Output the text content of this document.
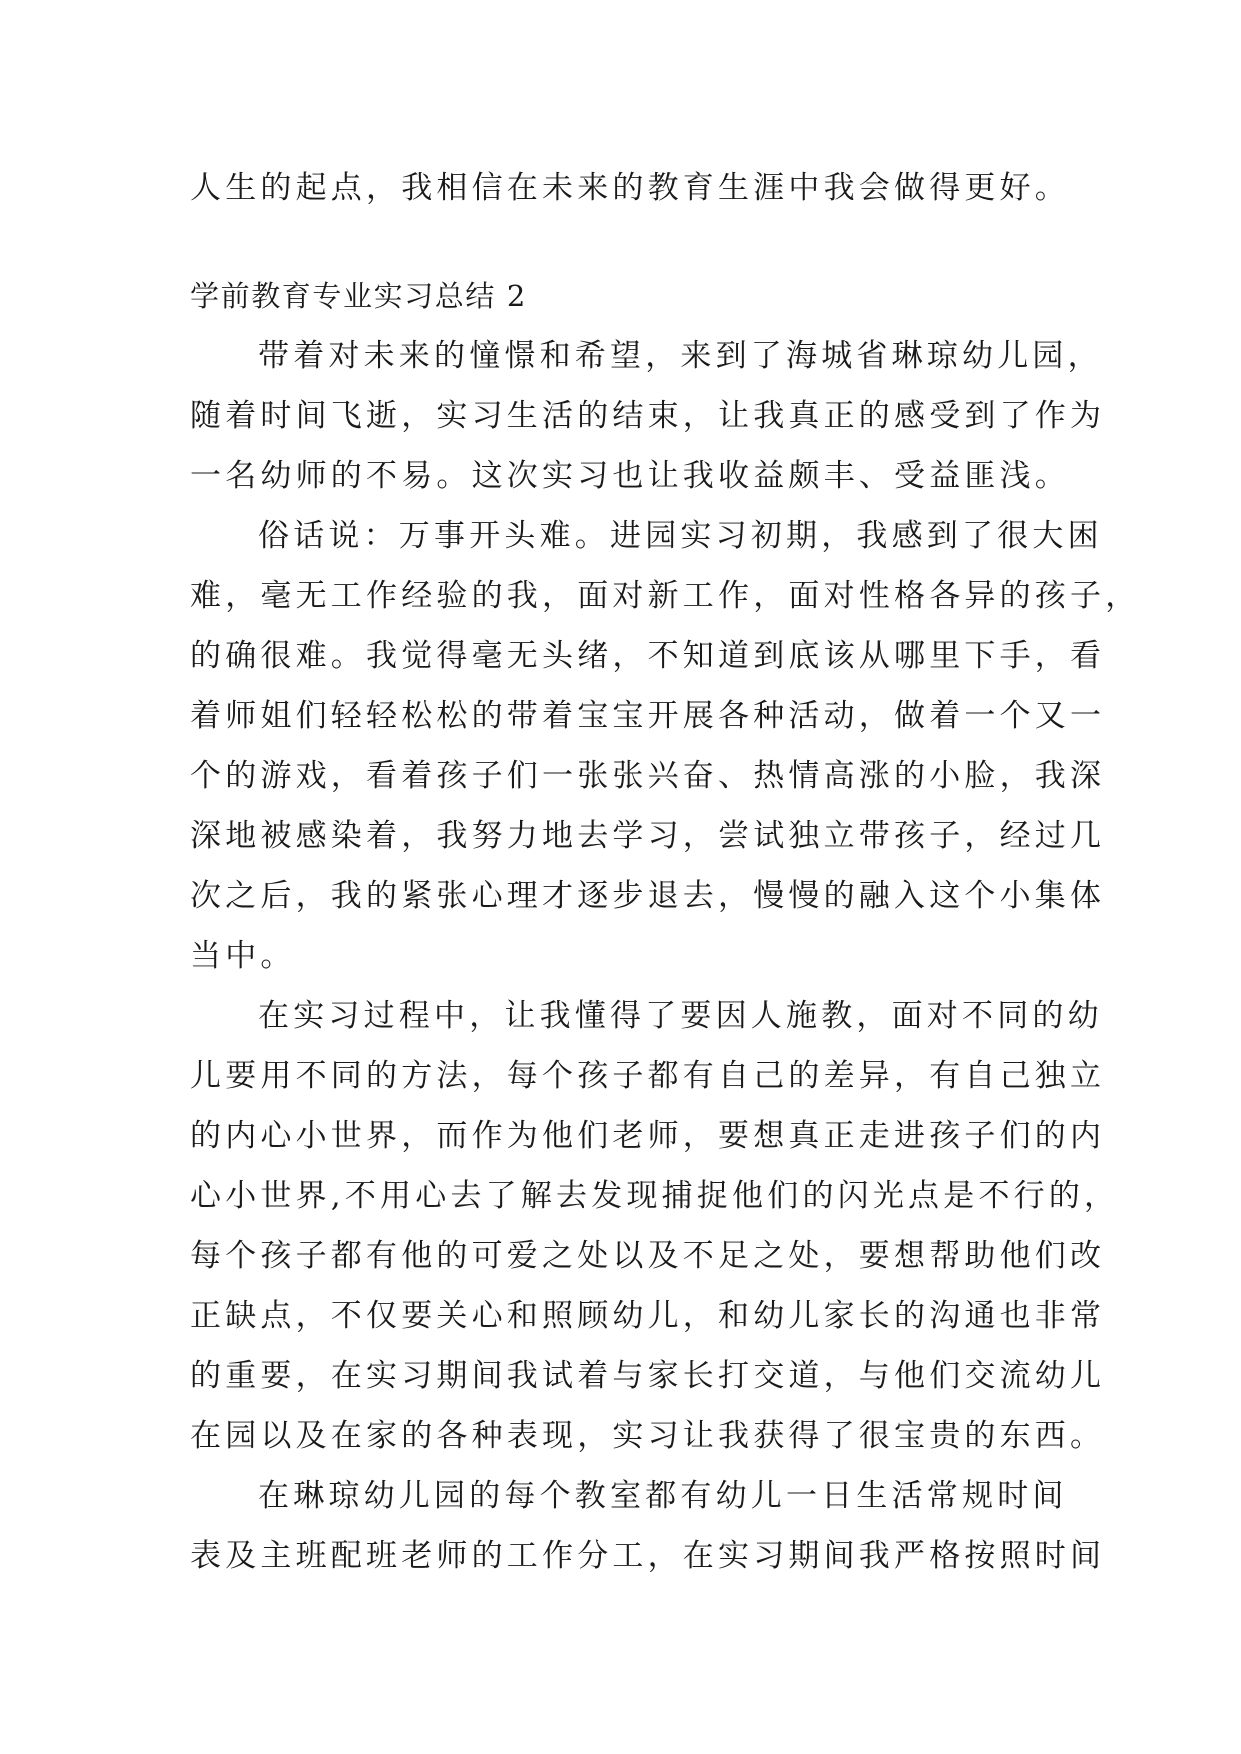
人生的起点，我相信在未来的教育生涯中我会做得更好。
学前教育专业实习总结 2
带着对未来的憧憬和希望，来到了海城省琳琼幼儿园，
随着时间飞逝，实习生活的结束，让我真正的感受到了作为
一名幼师的不易。这次实习也让我收益颇丰、受益匪浅。
俗话说：万事开头难。进园实习初期，我感到了很大困
难，毫无工作经验的我，面对新工作，面对性格各异的孩子，
的确很难。我觉得毫无头绪，不知道到底该从哪里下手，看
着师姐们轻轻松松的带着宝宝开展各种活动，做着一个又一
个的游戏，看着孩子们一张张兴奋、热情高涨的小脸，我深
深地被感染着，我努力地去学习，尝试独立带孩子，经过几
次之后，我的紧张心理才逐步退去，慢慢的融入这个小集体
当中。
在实习过程中，让我懂得了要因人施教，面对不同的幼
儿要用不同的方法，每个孩子都有自己的差异，有自己独立
的内心小世界，而作为他们老师，要想真正走进孩子们的内
心小世界,不用心去了解去发现捕捉他们的闪光点是不行的，
每个孩子都有他的可爱之处以及不足之处，要想帮助他们改
正缺点，不仅要关心和照顾幼儿，和幼儿家长的沟通也非常
的重要，在实习期间我试着与家长打交道，与他们交流幼儿
在园以及在家的各种表现，实习让我获得了很宝贵的东西。
在琳琼幼儿园的每个教室都有幼儿一日生活常规时间
表及主班配班老师的工作分工，在实习期间我严格按照时间
